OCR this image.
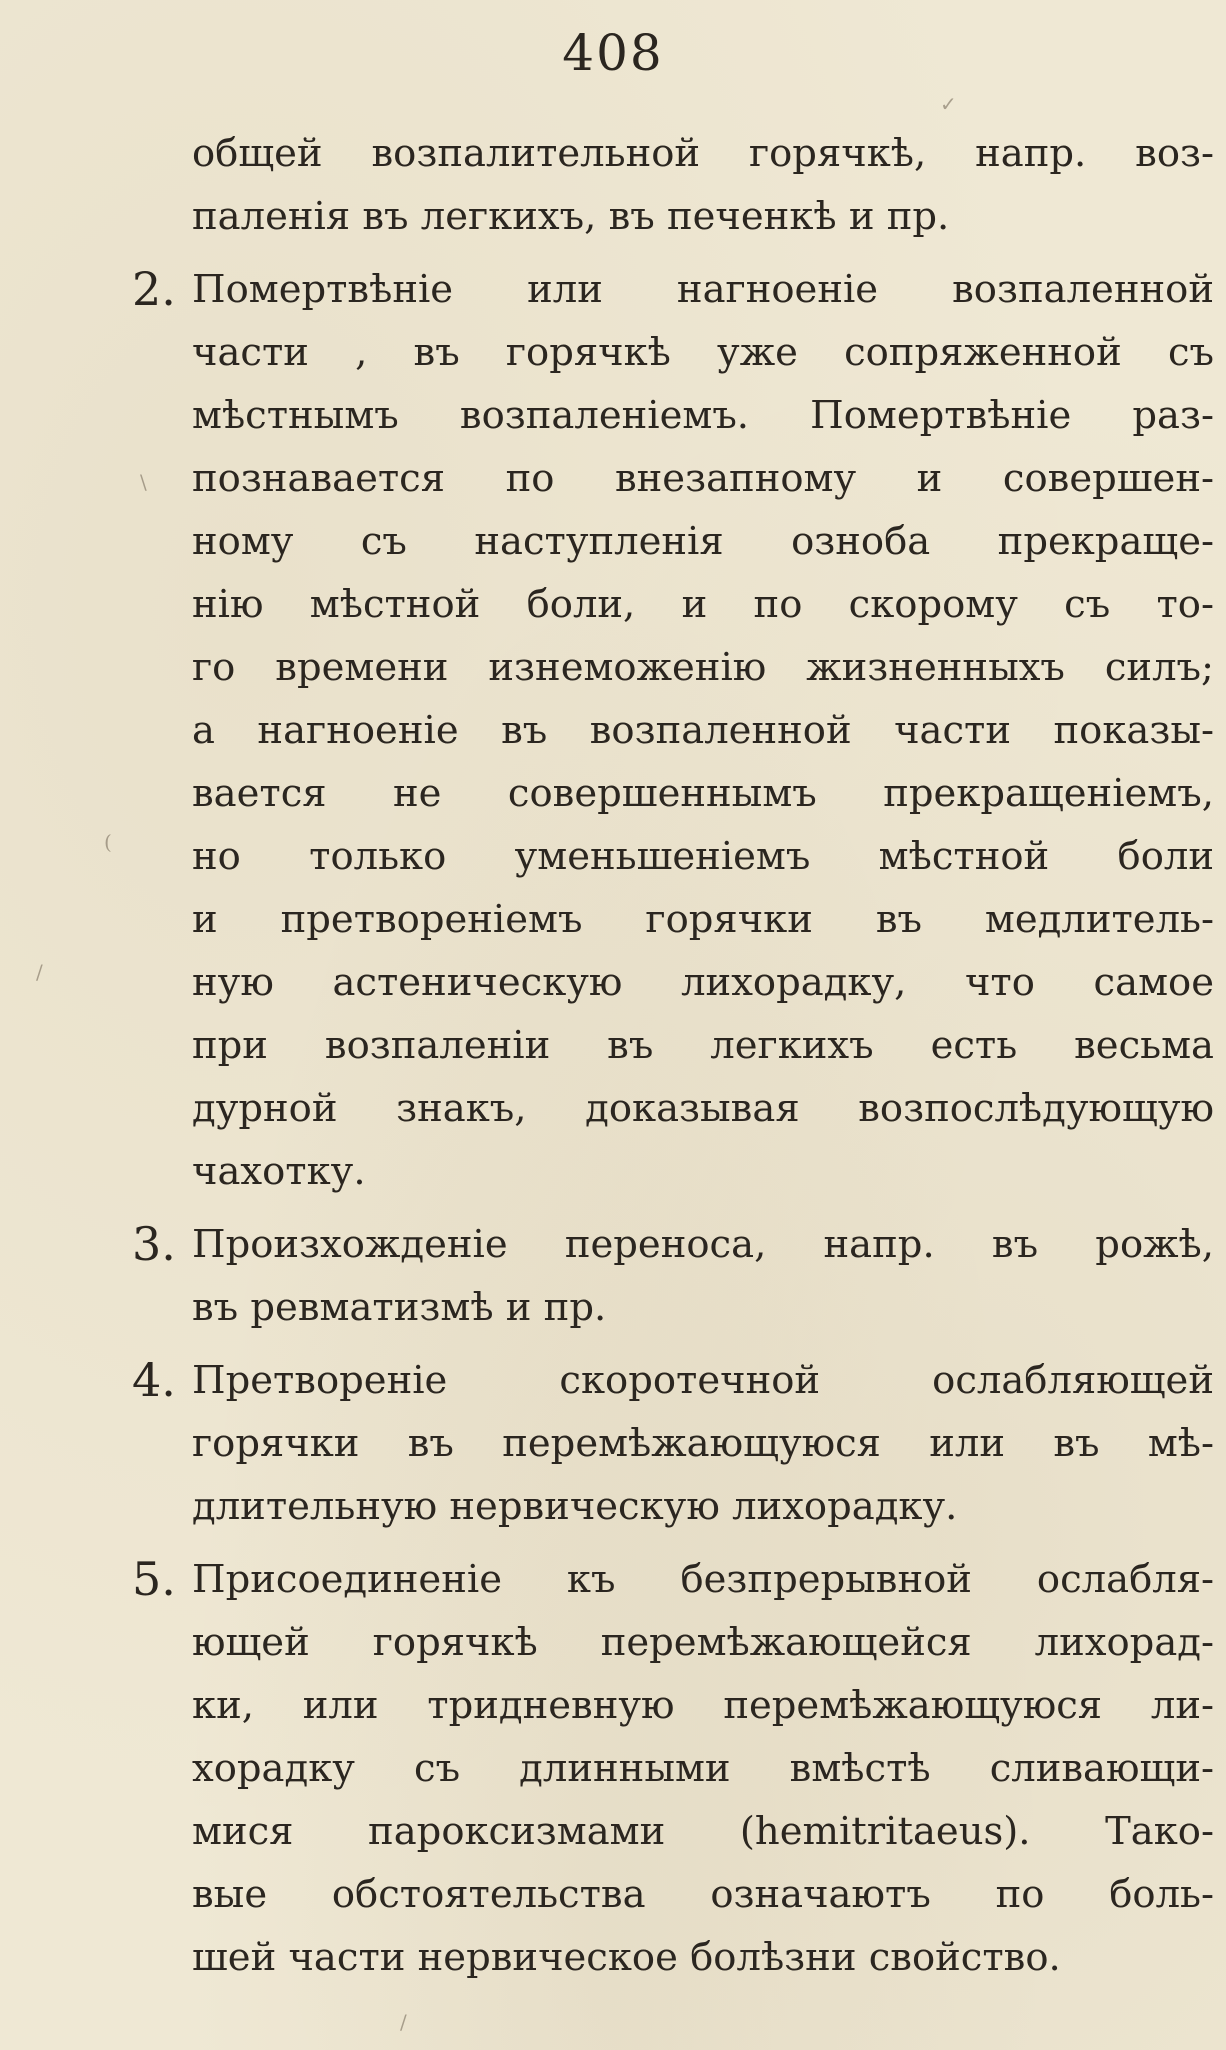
408
общей возпалительной горячкѣ, напр. воз-
паленія въ легкихъ, въ печенкѣ и пр.
2. Помертвѣніе или нагноеніе возпаленной
части , въ горячкѣ уже сопряженной съ
мѣстнымъ возпаленіемъ. Помертвѣніе раз-
познавается по внезапному и совершен-
ному съ наступленія озноба прекраще-
нію мѣстной боли, и по скорому съ то-
го времени изнеможенію жизненныхъ силъ;
а нагноеніе въ возпаленной части показы-
вается не совершеннымъ прекращеніемъ,
но только уменьшеніемъ мѣстной боли
и претвореніемъ горячки въ медлитель-
ную астеническую лихорадку, что самое
при возпаленіи въ легкихъ есть весьма
дурной знакъ, доказывая возпослѣдующую
чахотку.
3. Произхожденіе переноса, напр. въ рожѣ,
въ ревматизмѣ и пр.
4. Претвореніе скоротечной ослабляющей
горячки въ перемѣжающуюся или въ мѣ-
длительную нервическую лихорадку.
5. Присоединеніе къ безпрерывной ослабля-
ющей горячкѣ перемѣжающейся лихорад-
ки, или тридневную перемѣжающуюся ли-
хорадку съ длинными вмѣстѣ сливающи-
мися пароксизмами (hemitritaeus). Тако-
вые обстоятельства означаютъ по боль-
шей части нервическое болѣзни свойство.
✓
\
(
/
/
